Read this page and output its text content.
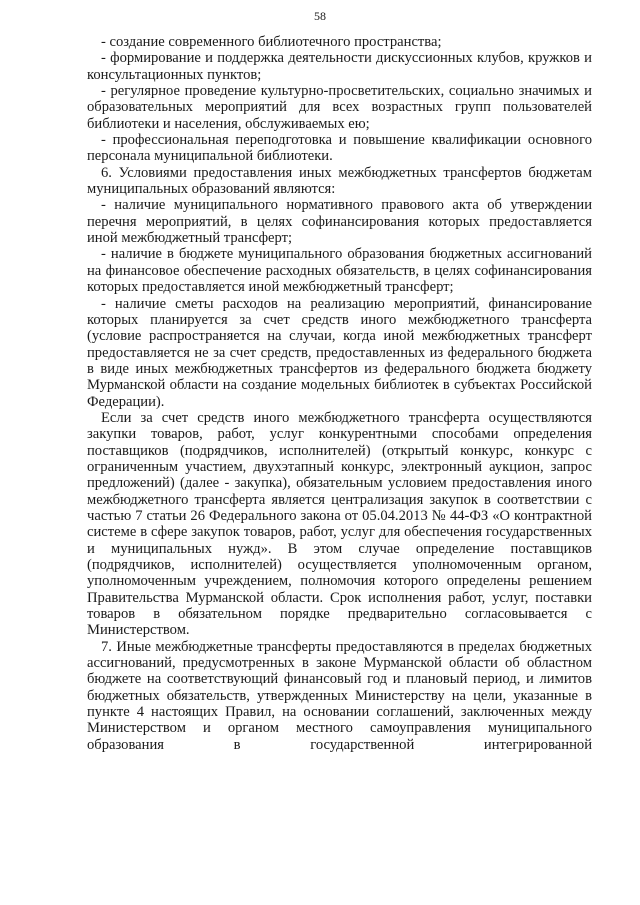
58

- создание современного библиотечного пространства;

- формирование и поддержка деятельности дискуссионных клубов, кружков и консультационных пунктов;

- регулярное проведение культурно-просветительских, социально значимых и образовательных мероприятий для всех возрастных групп пользователей библиотеки и населения, обслуживаемых ею;

- профессиональная переподготовка и повышение квалификации основного персонала муниципальной библиотеки.

6. Условиями предоставления иных межбюджетных трансфертов бюджетам муниципальных образований являются:

- наличие муниципального нормативного правового акта об утверждении перечня мероприятий, в целях софинансирования которых предоставляется иной межбюджетный трансферт;

- наличие в бюджете муниципального образования бюджетных ассигнований на финансовое обеспечение расходных обязательств, в целях софинансирования которых предоставляется иной межбюджетный трансферт;

- наличие сметы расходов на реализацию мероприятий, финансирование которых планируется за счет средств иного межбюджетного трансферта (условие распространяется на случаи, когда иной межбюджетных трансферт предоставляется не за счет средств, предоставленных из федерального бюджета в виде иных межбюджетных трансфертов из федерального бюджета бюджету Мурманской области на создание модельных библиотек в субъектах Российской Федерации).

Если за счет средств иного межбюджетного трансферта осуществляются закупки товаров, работ, услуг конкурентными способами определения поставщиков (подрядчиков, исполнителей) (открытый конкурс, конкурс с ограниченным участием, двухэтапный конкурс, электронный аукцион, запрос предложений) (далее - закупка), обязательным условием предоставления иного межбюджетного трансферта является централизация закупок в соответствии с частью 7 статьи 26 Федерального закона от 05.04.2013 № 44-ФЗ «О контрактной системе в сфере закупок товаров, работ, услуг для обеспечения государственных и муниципальных нужд». В этом случае определение поставщиков (подрядчиков, исполнителей) осуществляется уполномоченным органом, уполномоченным учреждением, полномочия которого определены решением Правительства Мурманской области. Срок исполнения работ, услуг, поставки товаров в обязательном порядке предварительно согласовывается с Министерством.

7. Иные межбюджетные трансферты предоставляются в пределах бюджетных ассигнований, предусмотренных в законе Мурманской области об областном бюджете на соответствующий финансовый год и плановый период, и лимитов бюджетных обязательств, утвержденных Министерству на цели, указанные в пункте 4 настоящих Правил, на основании соглашений, заключенных между Министерством и органом местного самоуправления муниципального образования в государственной интегрированной
